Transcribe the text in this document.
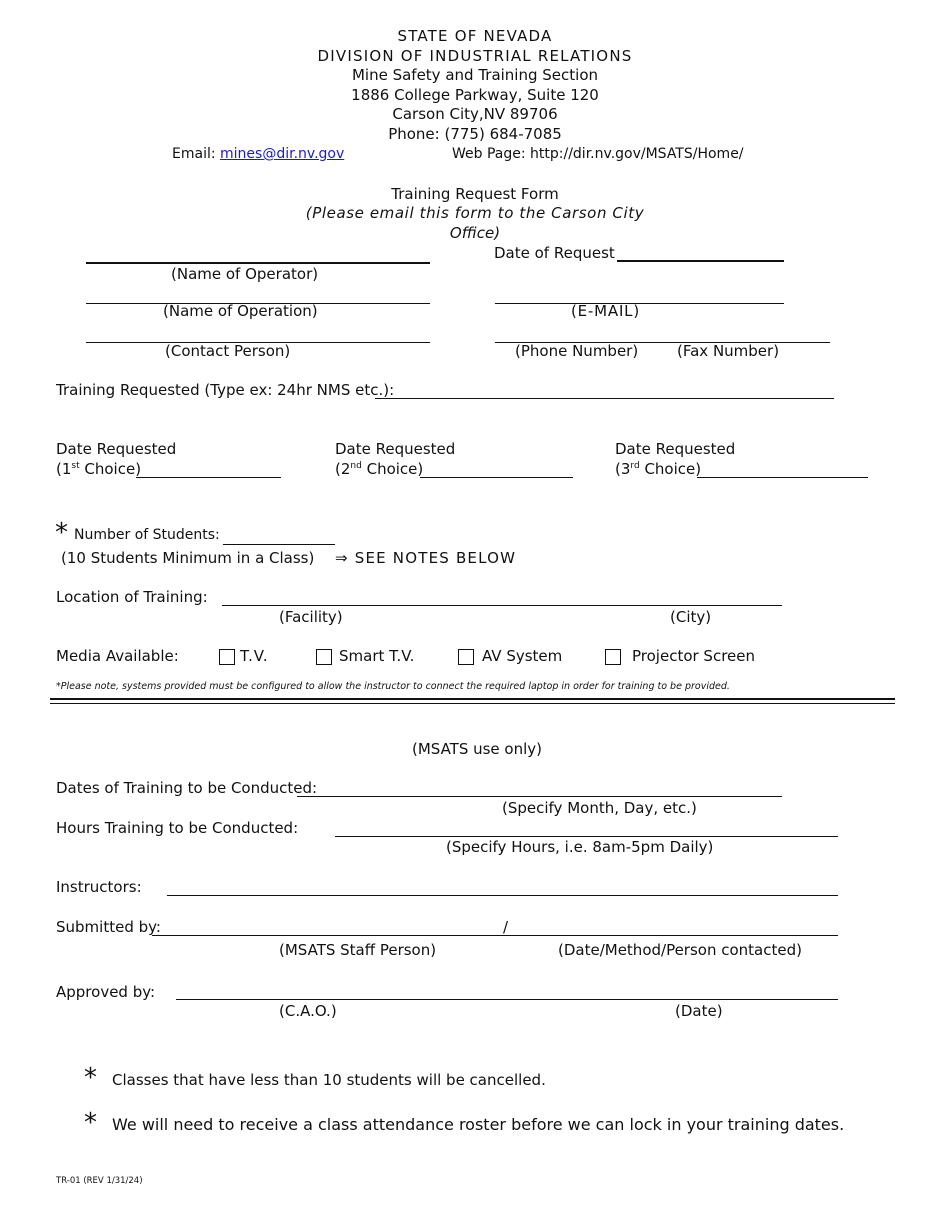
STATE OF NEVADA
DIVISION OF INDUSTRIAL RELATIONS
Mine Safety and Training Section
1886 College Parkway, Suite 120
Carson City,NV 89706
Phone: (775) 684-7085
Email: mines@dir.nv.gov	Web Page: http://dir.nv.gov/MSATS/Home/
Training Request Form
(Please email this form to the Carson City
Office)
Date of Request
(Name of Operator)
(Name of Operation)	(E-MAIL)
(Contact Person)	(Phone Number)	(Fax Number)
Training Requested (Type ex: 24hr NMS etc.):
Date Requested
(1st Choice)
Date Requested
(2nd Choice)
Date Requested
(3rd Choice)
* Number of Students:
(10 Students Minimum in a Class) ⇒ SEE NOTES BELOW
Location of Training:
(Facility)	(City)
Media Available:	T.V.	Smart T.V.	AV System	Projector Screen
*Please note, systems provided must be configured to allow the instructor to connect the required laptop in order for training to be provided.
(MSATS use only)
Dates of Training to be Conducted:
(Specify Month, Day, etc.)
Hours Training to be Conducted:
(Specify Hours, i.e. 8am-5pm Daily)
Instructors:
Submitted by:	/
(MSATS Staff Person)	(Date/Method/Person contacted)
Approved by:
(C.A.O.)	(Date)
* Classes that have less than 10 students will be cancelled.
* We will need to receive a class attendance roster before we can lock in your training dates.
TR-01 (REV 1/31/24)
